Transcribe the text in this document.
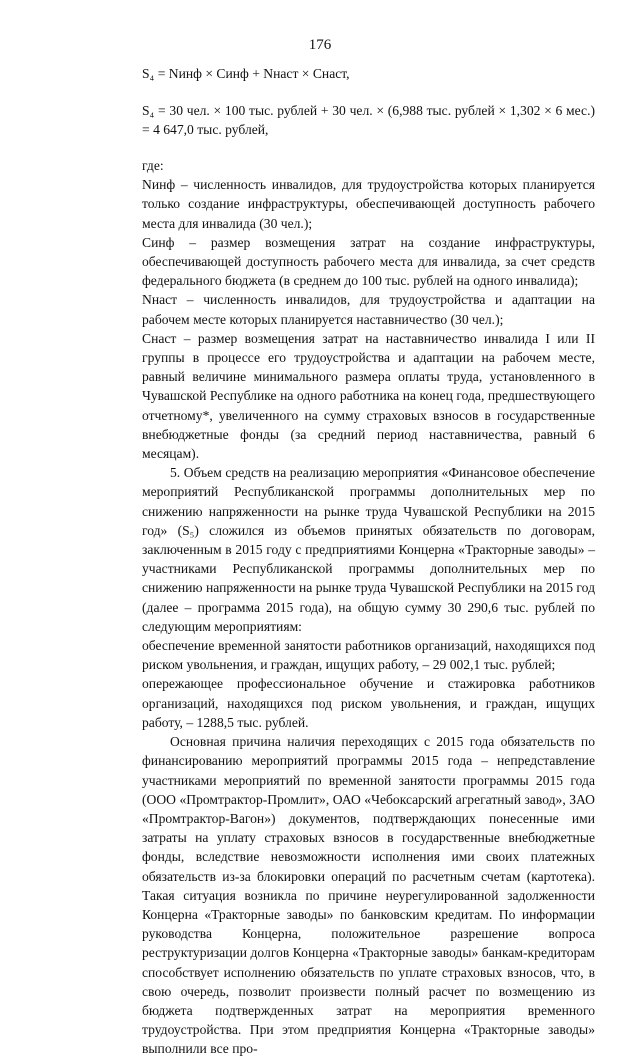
176
S₄ = Nинф × Cинф + Nнаст × Cнаст,
S₄ = 30 чел. × 100 тыс. рублей + 30 чел. × (6,988 тыс. рублей × 1,302 × 6 мес.) = 4 647,0 тыс. рублей,

где:

Nинф – численность инвалидов, для трудоустройства которых планируется только создание инфраструктуры, обеспечивающей доступность рабочего места для инвалида (30 чел.);

Cинф – размер возмещения затрат на создание инфраструктуры, обеспечивающей доступность рабочего места для инвалида, за счет средств федерального бюджета (в среднем до 100 тыс. рублей на одного инвалида);

Nнаст – численность инвалидов, для трудоустройства и адаптации на рабочем месте которых планируется наставничество (30 чел.);

Cнаст – размер возмещения затрат на наставничество инвалида I или II группы в процессе его трудоустройства и адаптации на рабочем месте, равный величине минимального размера оплаты труда, установленного в Чувашской Республике на одного работника на конец года, предшествующего отчетному*, увеличенного на сумму страховых взносов в государственные внебюджетные фонды (за средний период наставничества, равный 6 месяцам).

5. Объем средств на реализацию мероприятия «Финансовое обеспечение мероприятий Республиканской программы дополнительных мер по снижению напряженности на рынке труда Чувашской Республики на 2015 год» (S₅) сложился из объемов принятых обязательств по договорам, заключенным в 2015 году с предприятиями Концерна «Тракторные заводы» – участниками Республиканской программы дополнительных мер по снижению напряженности на рынке труда Чувашской Республики на 2015 год (далее – программа 2015 года), на общую сумму 30 290,6 тыс. рублей по следующим мероприятиям:

обеспечение временной занятости работников организаций, находящихся под риском увольнения, и граждан, ищущих работу, – 29 002,1 тыс. рублей;

опережающее профессиональное обучение и стажировка работников организаций, находящихся под риском увольнения, и граждан, ищущих работу, – 1288,5 тыс. рублей.

Основная причина наличия переходящих с 2015 года обязательств по финансированию мероприятий программы 2015 года – непредставление участниками мероприятий по временной занятости программы 2015 года (ООО «Промтрактор-Промлит», ОАО «Чебоксарский агрегатный завод», ЗАО «Промтрактор-Вагон») документов, подтверждающих понесенные ими затраты на уплату страховых взносов в государственные внебюджетные фонды, вследствие невозможности исполнения ими своих платежных обязательств из-за блокировки операций по расчетным счетам (картотека). Такая ситуация возникла по причине неурегулированной задолженности Концерна «Тракторные заводы» по банковским кредитам. По информации руководства Концерна, положительное разрешение вопроса реструктуризации долгов Концерна «Тракторные заводы» банкам-кредиторам способствует исполнению обязательств по уплате страховых взносов, что, в свою очередь, позволит произвести полный расчет по возмещению из бюджета подтвержденных затрат на мероприятия временного трудоустройства. При этом предприятия Концерна «Тракторные заводы» выполнили все про-
